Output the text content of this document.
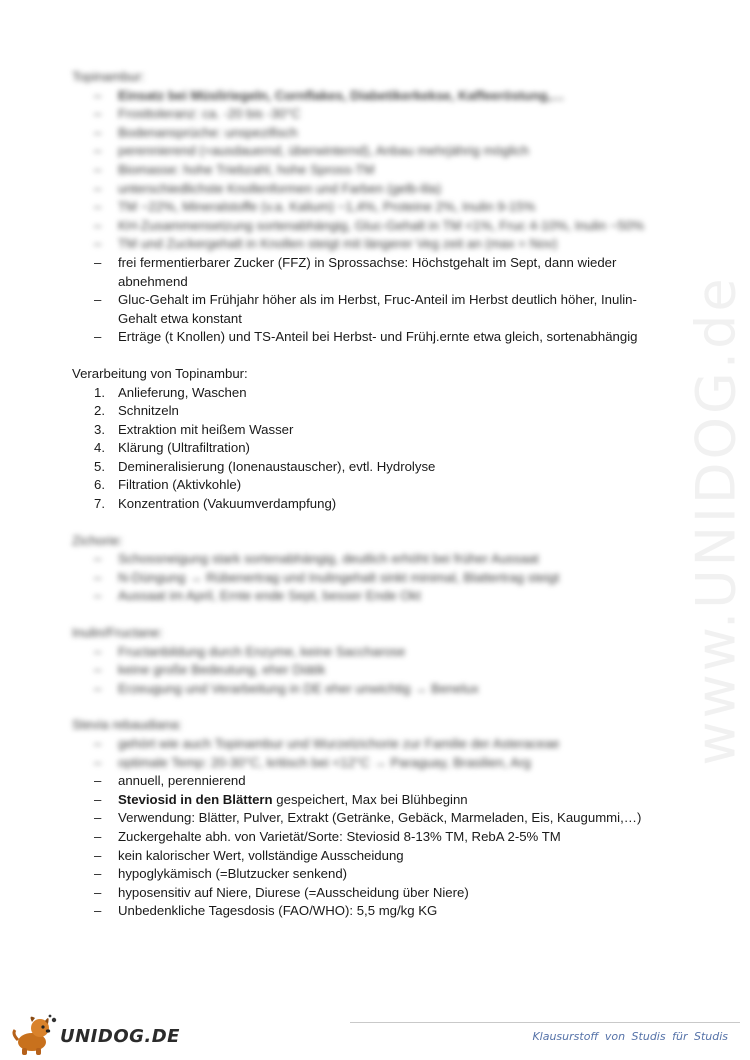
Topinambur:
– Einsatz bei Müsliriegeln, Cornflakes, Diabetikerkekse, Kaffeeröstung,…
– Frosttoleranz: ca. -20 bis -30°C
– Bodenansprüche: unspezifisch
– perennierend (=ausdauernd, überwinternd), Anbau mehrjährig möglich
– Biomasse: hohe Triebzahl, hohe Spross-TM
– unterschiedlichste Knollenformen und Farben (gelb-lila)
– TM ~22%, Mineralstoffe (v.a. Kalium) ~1,4%, Proteine 2%, Inulin 9-15%
– KH-Zusammensetzung sortenabhängig, Gluc-Gehalt in TM <1%, Fruc 4-10%, Inulin ~50%
– TM und Zuckergehalt in Knollen steigt mit längerer Veg zeit an (max = Nov)
– frei fermentierbarer Zucker (FFZ) in Sprossachse: Höchstgehalt im Sept, dann wieder abnehmend
– Gluc-Gehalt im Frühjahr höher als im Herbst, Fruc-Anteil im Herbst deutlich höher, Inulin-Gehalt etwa konstant
– Erträge (t Knollen) und TS-Anteil bei Herbst- und Frühj.ernte etwa gleich, sortenabhängig
Verarbeitung von Topinambur:
1. Anlieferung, Waschen
2. Schnitzeln
3. Extraktion mit heißem Wasser
4. Klärung (Ultrafiltration)
5. Demineralisierung (Ionenaustauscher), evtl. Hydrolyse
6. Filtration (Aktivkohle)
7. Konzentration (Vakuumverdampfung)
Zichorie:
– Schossneigung stark sortenabhängig, deutlich erhöht bei früher Aussaat
– N-Düngung → Rübenertrag und Inulingehalt sinkt minimal, Blattertrag steigt
– Aussaat im April, Ernte ende Sept, besser Ende Okt
Inulin/Fructane:
– Fructanbildung durch Enzyme, keine Saccharose
– keine große Bedeutung, eher Diätik
– Erzeugung und Verarbeitung in DE eher unwichtig → Benelux
Stevia rebaudiana:
– gehört wie auch Topinambur und Wurzelzichorie zur Familie der Asteraceae
– optimale Temp: 20-30°C, kritisch bei <12°C → Paraguay, Brasilien, Arg
– annuell, perennierend
– Steviosid in den Blättern gespeichert, Max bei Blühbeginn
– Verwendung: Blätter, Pulver, Extrakt (Getränke, Gebäck, Marmeladen, Eis, Kaugummi,…)
– Zuckergehalte abh. von Varietät/Sorte: Steviosid 8-13% TM, RebA 2-5% TM
– kein kalorischer Wert, vollständige Ausscheidung
– hypoglykämisch (=Blutzucker senkend)
– hyposensitiv auf Niere, Diurese (=Ausscheidung über Niere)
– Unbedenkliche Tagesdosis (FAO/WHO): 5,5 mg/kg KG
www.UNIDOG.de
UNIDOG.DE	Klausurstoff von Studis für Studis
